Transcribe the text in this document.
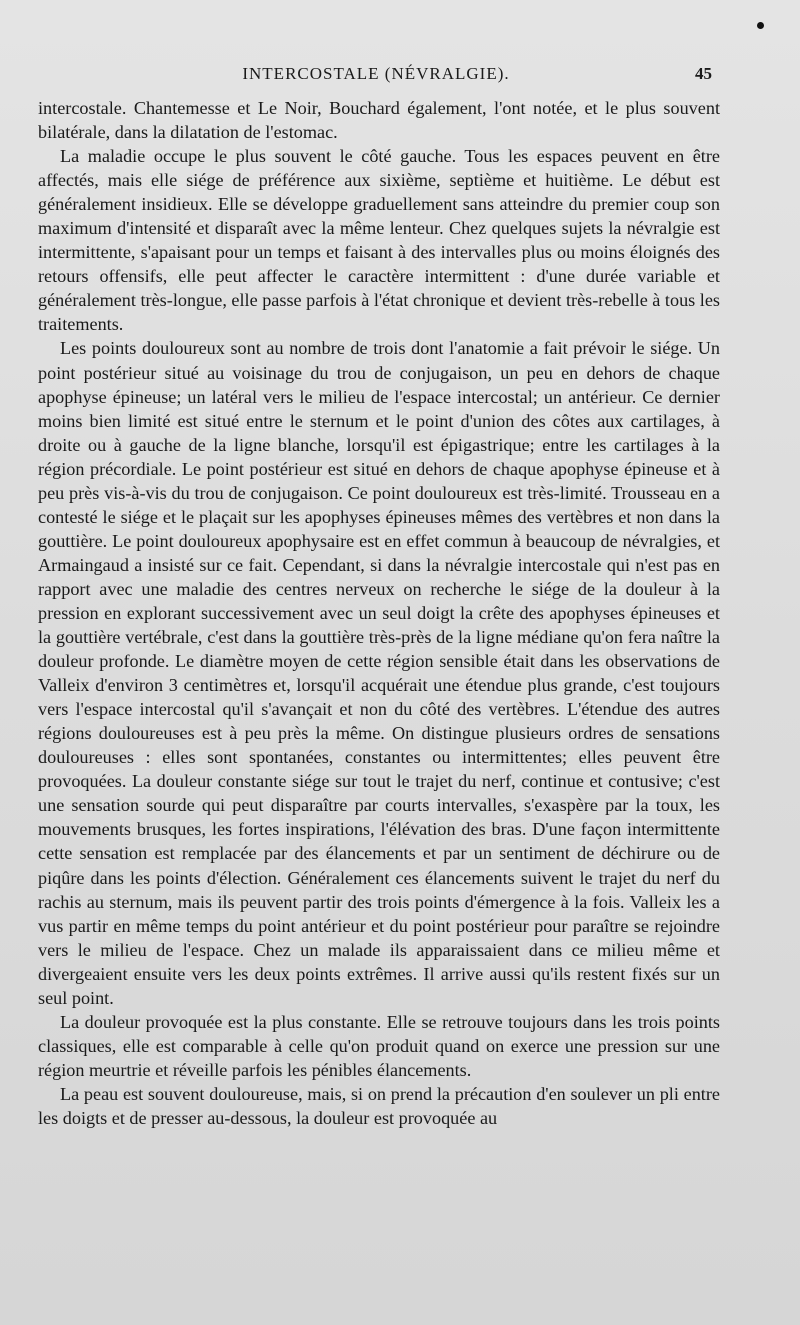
INTERCOSTALE (NÉVRALGIE).	45

intercostale. Chantemesse et Le Noir, Bouchard également, l'ont notée, et le plus souvent bilatérale, dans la dilatation de l'estomac.

La maladie occupe le plus souvent le côté gauche. Tous les espaces peuvent en être affectés, mais elle siége de préférence aux sixième, septième et huitième. Le début est généralement insidieux. Elle se développe graduellement sans atteindre du premier coup son maximum d'intensité et disparaît avec la même lenteur. Chez quelques sujets la névralgie est intermittente, s'apaisant pour un temps et faisant à des intervalles plus ou moins éloignés des retours offensifs, elle peut affecter le caractère intermittent : d'une durée variable et généralement très-longue, elle passe parfois à l'état chronique et devient très-rebelle à tous les traitements.

Les points douloureux sont au nombre de trois dont l'anatomie a fait prévoir le siége. Un point postérieur situé au voisinage du trou de conjugaison, un peu en dehors de chaque apophyse épineuse; un latéral vers le milieu de l'espace intercostal; un antérieur. Ce dernier moins bien limité est situé entre le sternum et le point d'union des côtes aux cartilages, à droite ou à gauche de la ligne blanche, lorsqu'il est épigastrique; entre les cartilages à la région précordiale. Le point postérieur est situé en dehors de chaque apophyse épineuse et à peu près vis-à-vis du trou de conjugaison. Ce point douloureux est très-limité. Trousseau en a contesté le siége et le plaçait sur les apophyses épineuses mêmes des vertèbres et non dans la gouttière. Le point douloureux apophysaire est en effet commun à beaucoup de névralgies, et Armaingaud a insisté sur ce fait. Cependant, si dans la névralgie intercostale qui n'est pas en rapport avec une maladie des centres nerveux on recherche le siége de la douleur à la pression en explorant successivement avec un seul doigt la crête des apophyses épineuses et la gouttière vertébrale, c'est dans la gouttière très-près de la ligne médiane qu'on fera naître la douleur profonde. Le diamètre moyen de cette région sensible était dans les observations de Valleix d'environ 3 centimètres et, lorsqu'il acquérait une étendue plus grande, c'est toujours vers l'espace intercostal qu'il s'avançait et non du côté des vertèbres. L'étendue des autres régions douloureuses est à peu près la même. On distingue plusieurs ordres de sensations douloureuses : elles sont spontanées, constantes ou intermittentes; elles peuvent être provoquées. La douleur constante siége sur tout le trajet du nerf, continue et contusive; c'est une sensation sourde qui peut disparaître par courts intervalles, s'exaspère par la toux, les mouvements brusques, les fortes inspirations, l'élévation des bras. D'une façon intermittente cette sensation est remplacée par des élancements et par un sentiment de déchirure ou de piqûre dans les points d'élection. Généralement ces élancements suivent le trajet du nerf du rachis au sternum, mais ils peuvent partir des trois points d'émergence à la fois. Valleix les a vus partir en même temps du point antérieur et du point postérieur pour paraître se rejoindre vers le milieu de l'espace. Chez un malade ils apparaissaient dans ce milieu même et divergeaient ensuite vers les deux points extrêmes. Il arrive aussi qu'ils restent fixés sur un seul point.

La douleur provoquée est la plus constante. Elle se retrouve toujours dans les trois points classiques, elle est comparable à celle qu'on produit quand on exerce une pression sur une région meurtrie et réveille parfois les pénibles élancements.

La peau est souvent douloureuse, mais, si on prend la précaution d'en soulever un pli entre les doigts et de presser au-dessous, la douleur est provoquée au
